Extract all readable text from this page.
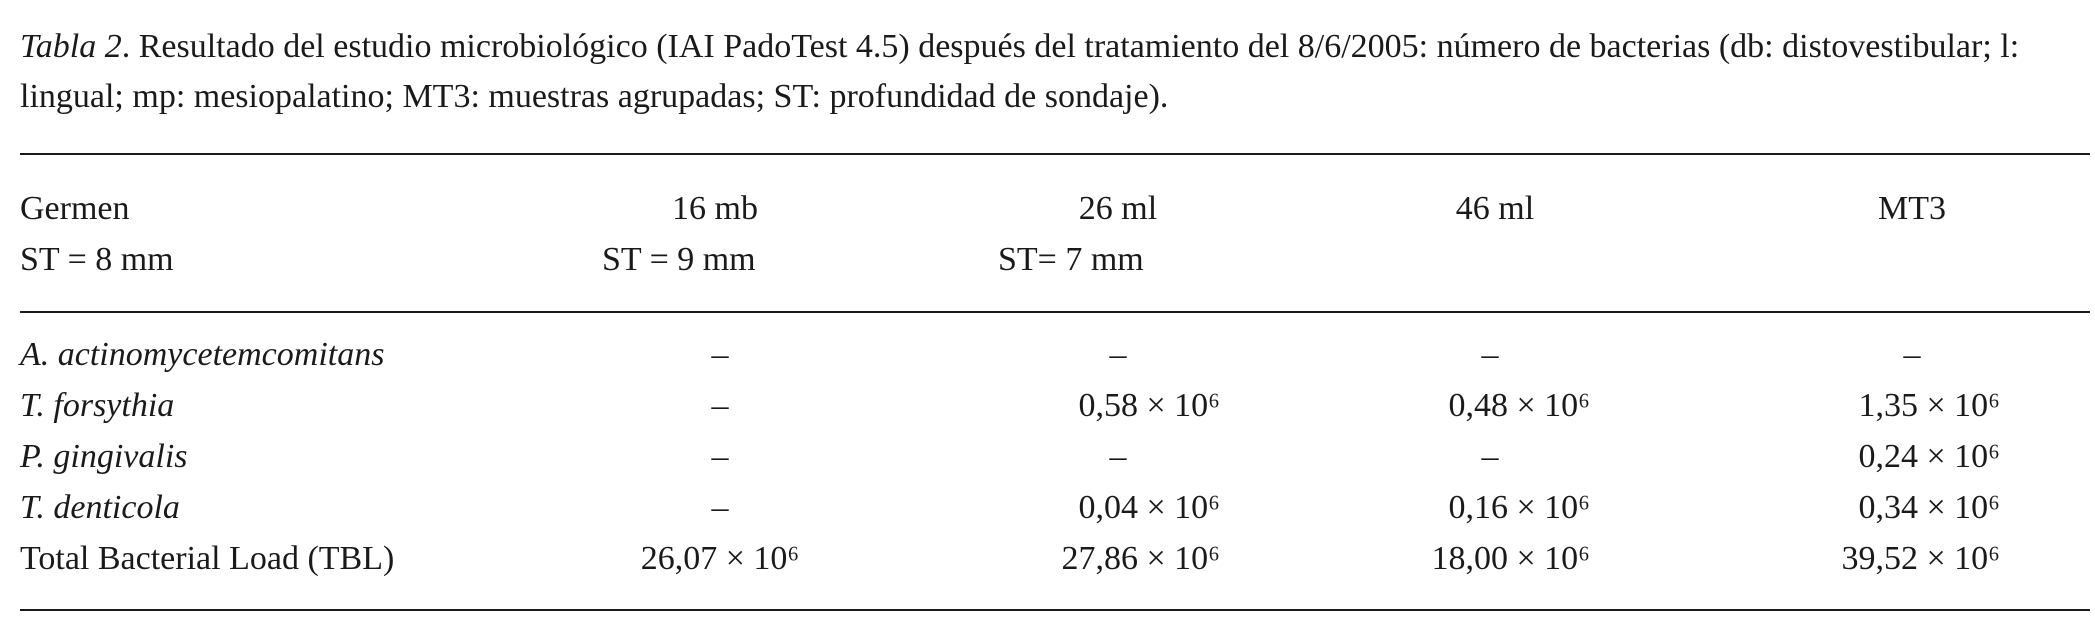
Tabla 2. Resultado del estudio microbiológico (IAI PadoTest 4.5) después del tratamiento del 8/6/2005: número de bacterias (db: distovestibular; l: lingual; mp: mesiopalatino; MT3: muestras agrupadas; ST: profundidad de sondaje).

Germen	16 mb	26 ml	46 ml	MT3
ST = 8 mm	ST = 9 mm	ST= 7 mm
A. actinomycetemcomitans	–	–	–	–
T. forsythia	–	0,58 × 10⁶	0,48 × 10⁶	1,35 × 10⁶
P. gingivalis	–	–	–	0,24 × 10⁶
T. denticola	–	0,04 × 10⁶	0,16 × 10⁶	0,34 × 10⁶
Total Bacterial Load (TBL)	26,07 × 10⁶	27,86 × 10⁶	18,00 × 10⁶	39,52 × 10⁶
